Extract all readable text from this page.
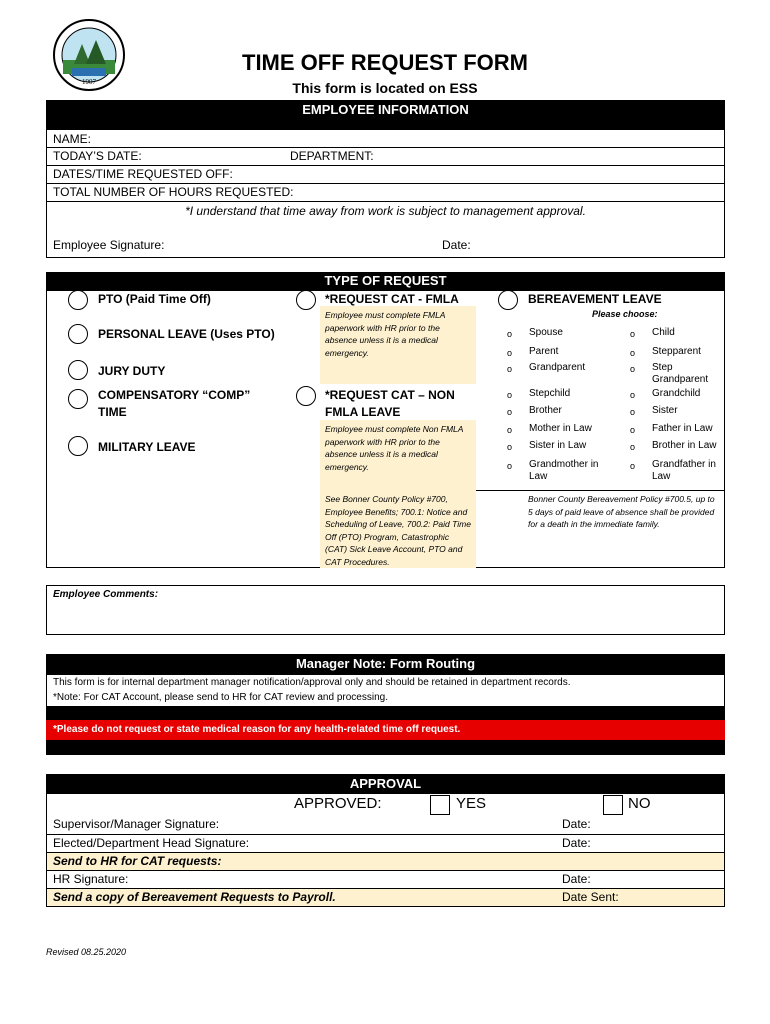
1907
TIME OFF REQUEST FORM
This form is located on ESS
EMPLOYEE INFORMATION
NAME:
TODAY’S DATE:	DEPARTMENT:
DATES/TIME REQUESTED OFF:
TOTAL NUMBER OF HOURS REQUESTED:
*I understand that time away from work is subject to management approval.
Employee Signature:	Date:
TYPE OF REQUEST
PTO (Paid Time Off)
PERSONAL LEAVE (Uses PTO)
JURY DUTY
COMPENSATORY “COMP” TIME
MILITARY LEAVE
*REQUEST CAT - FMLA
Employee must complete FMLA paperwork with HR prior to the absence unless it is a medical emergency.
*REQUEST CAT – NON FMLA LEAVE
Employee must complete Non FMLA paperwork with HR prior to the absence unless it is a medical emergency.
See Bonner County Policy #700, Employee Benefits; 700.1: Notice and Scheduling of Leave, 700.2: Paid Time Off (PTO) Program, Catastrophic (CAT) Sick Leave Account, PTO and CAT Procedures.
BEREAVEMENT LEAVE
Please choose:
o Spouse
o Parent
o Grandparent
o Stepchild
o Brother
o Mother in Law
o Sister in Law
o Grandmother in Law
o Child
o Stepparent
o Step Grandparent
o Grandchild
o Sister
o Father in Law
o Brother in Law
o Grandfather in Law
Bonner County Bereavement Policy #700.5, up to 5 days of paid leave of absence shall be provided for a death in the immediate family.
Employee Comments:
Manager Note: Form Routing
This form is for internal department manager notification/approval only and should be retained in department records.
*Note: For CAT Account, please send to HR for CAT review and processing.
*Please do not request or state medical reason for any health-related time off request.
APPROVAL
APPROVED:	YES	NO
Supervisor/Manager Signature:	Date:
Elected/Department Head Signature:	Date:
Send to HR for CAT requests:
HR Signature:	Date:
Send a copy of Bereavement Requests to Payroll.	Date Sent:
Revised 08.25.2020
